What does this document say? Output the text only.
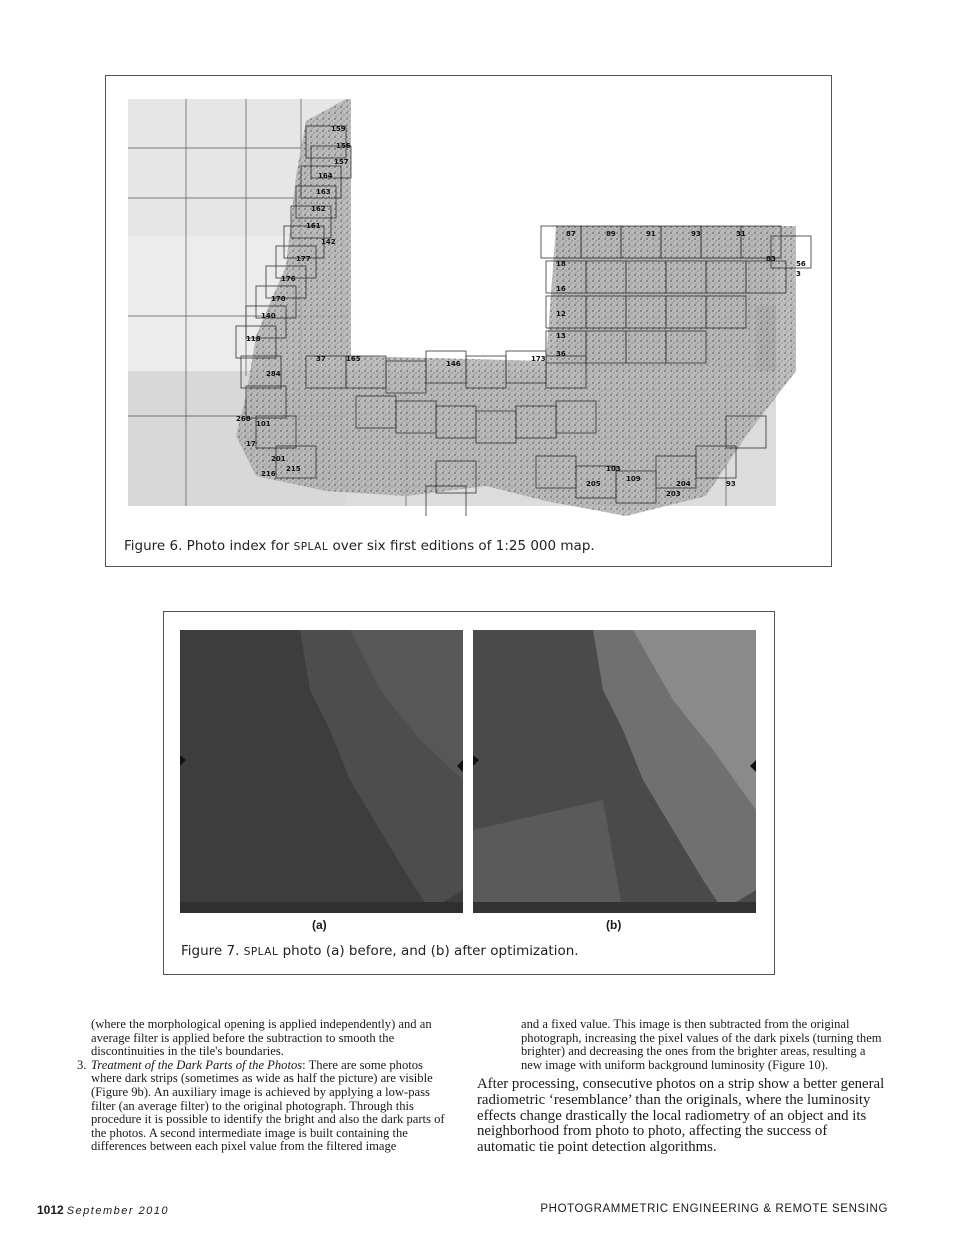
159
156
157
164
163
162
161
142
177
176
170
140
118
146
173
165
37
87	89	91	93	31
83
18
16
12
13
36
56
3
93
204
203
205
109
103
101
284
268
17
201
215
216
Figure 6. Photo index for SPLAL over six first editions of 1:25 000 map.
(a)	(b)
Figure 7. SPLAL photo (a) before, and (b) after optimization.

(where the morphological opening is applied independently) and an average filter is applied before the subtraction to smooth the discontinuities in the tile's boundaries.

3. Treatment of the Dark Parts of the Photos: There are some photos where dark strips (sometimes as wide as half the picture) are visible (Figure 9b). An auxiliary image is achieved by applying a low-pass filter (an average filter) to the original photograph. Through this procedure it is possible to identify the bright and also the dark parts of the photos. A second intermediate image is built containing the differences between each pixel value from the filtered image

and a fixed value. This image is then subtracted from the original photograph, increasing the pixel values of the dark pixels (turning them brighter) and decreasing the ones from the brighter areas, resulting a new image with uniform background luminosity (Figure 10).

After processing, consecutive photos on a strip show a better general radiometric ‘resemblance’ than the originals, where the luminosity effects change drastically the local radiometry of an object and its neighborhood from photo to photo, affecting the success of automatic tie point detection algorithms.

1012 September 2010	PHOTOGRAMMETRIC ENGINEERING & REMOTE SENSING
